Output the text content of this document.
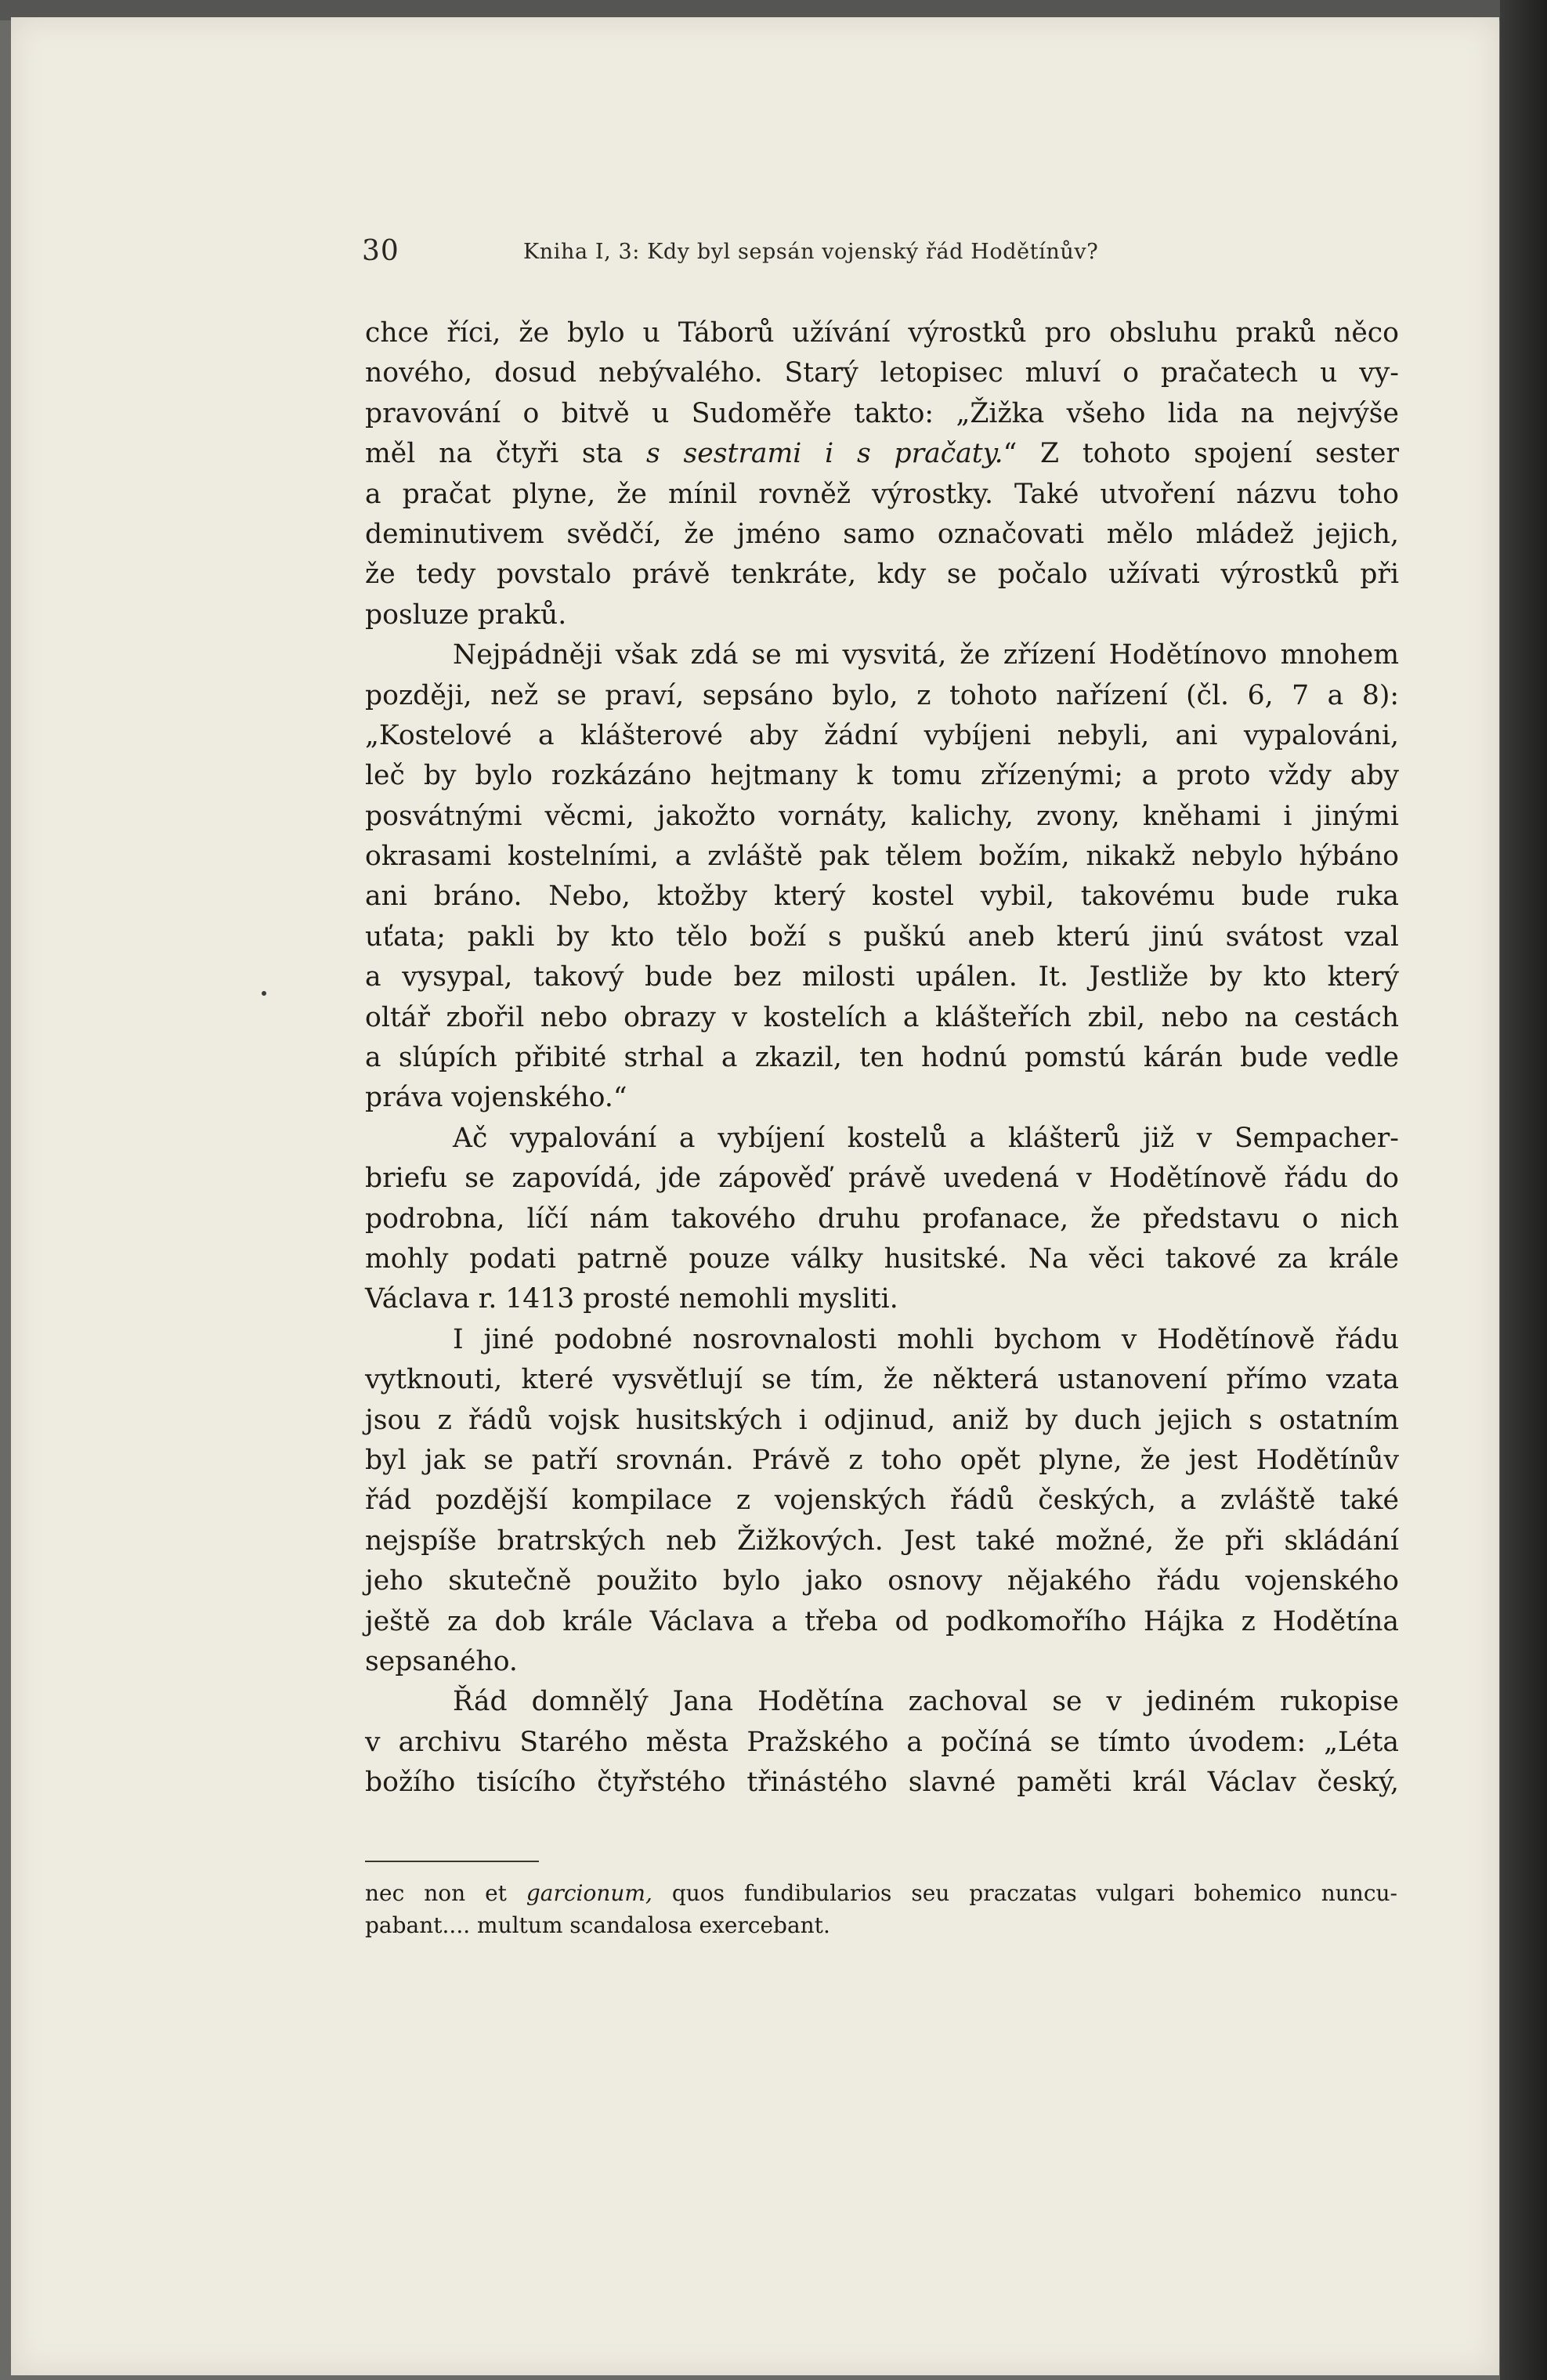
30	Kniha I, 3: Kdy byl sepsán vojenský řád Hodětínův?
chce říci, že bylo u Táborů užívání výrostků pro obsluhu praků něco
nového, dosud nebývalého. Starý letopisec mluví o pračatech u vy-
pravování o bitvě u Sudoměře takto: „Žižka všeho lida na nejvýše
měl na čtyři sta s sestrami i s pračaty.“ Z tohoto spojení sester
a pračat plyne, že mínil rovněž výrostky. Také utvoření názvu toho
deminutivem svědčí, že jméno samo označovati mělo mládež jejich,
že tedy povstalo právě tenkráte, kdy se počalo užívati výrostků při
posluze praků.
Nejpádněji však zdá se mi vysvitá, že zřízení Hodětínovo mnohem
později, než se praví, sepsáno bylo, z tohoto nařízení (čl. 6, 7 a 8):
„Kostelové a klášterové aby žádní vybíjeni nebyli, ani vypalováni,
leč by bylo rozkázáno hejtmany k tomu zřízenými; a proto vždy aby
posvátnými věcmi, jakožto vornáty, kalichy, zvony, kněhami i jinými
okrasami kostelními, a zvláště pak tělem božím, nikakž nebylo hýbáno
ani bráno. Nebo, ktožby který kostel vybil, takovému bude ruka
uťata; pakli by kto tělo boží s puškú aneb kterú jinú svátost vzal
a vysypal, takový bude bez milosti upálen. It. Jestliže by kto který
oltář zbořil nebo obrazy v kostelích a klášteřích zbil, nebo na cestách
a slúpích přibité strhal a zkazil, ten hodnú pomstú kárán bude vedle
práva vojenského.“
Ač vypalování a vybíjení kostelů a klášterů již v Sempacher-
briefu se zapovídá, jde zápověď právě uvedená v Hodětínově řádu do
podrobna, líčí nám takového druhu profanace, že představu o nich
mohly podati patrně pouze války husitské. Na věci takové za krále
Václava r. 1413 prosté nemohli mysliti.
I jiné podobné nosrovnalosti mohli bychom v Hodětínově řádu
vytknouti, které vysvětlují se tím, že některá ustanovení přímo vzata
jsou z řádů vojsk husitských i odjinud, aniž by duch jejich s ostatním
byl jak se patří srovnán. Právě z toho opět plyne, že jest Hodětínův
řád pozdější kompilace z vojenských řádů českých, a zvláště také
nejspíše bratrských neb Žižkových. Jest také možné, že při skládání
jeho skutečně použito bylo jako osnovy nějakého řádu vojenského
ještě za dob krále Václava a třeba od podkomořího Hájka z Hodětína
sepsaného.
Řád domnělý Jana Hodětína zachoval se v jediném rukopise
v archivu Starého města Pražského a počíná se tímto úvodem: „Léta
božího tisícího čtyřstého třinástého slavné paměti král Václav český,
nec non et garcionum, quos fundibularios seu praczatas vulgari bohemico nuncu-
pabant.... multum scandalosa exercebant.
